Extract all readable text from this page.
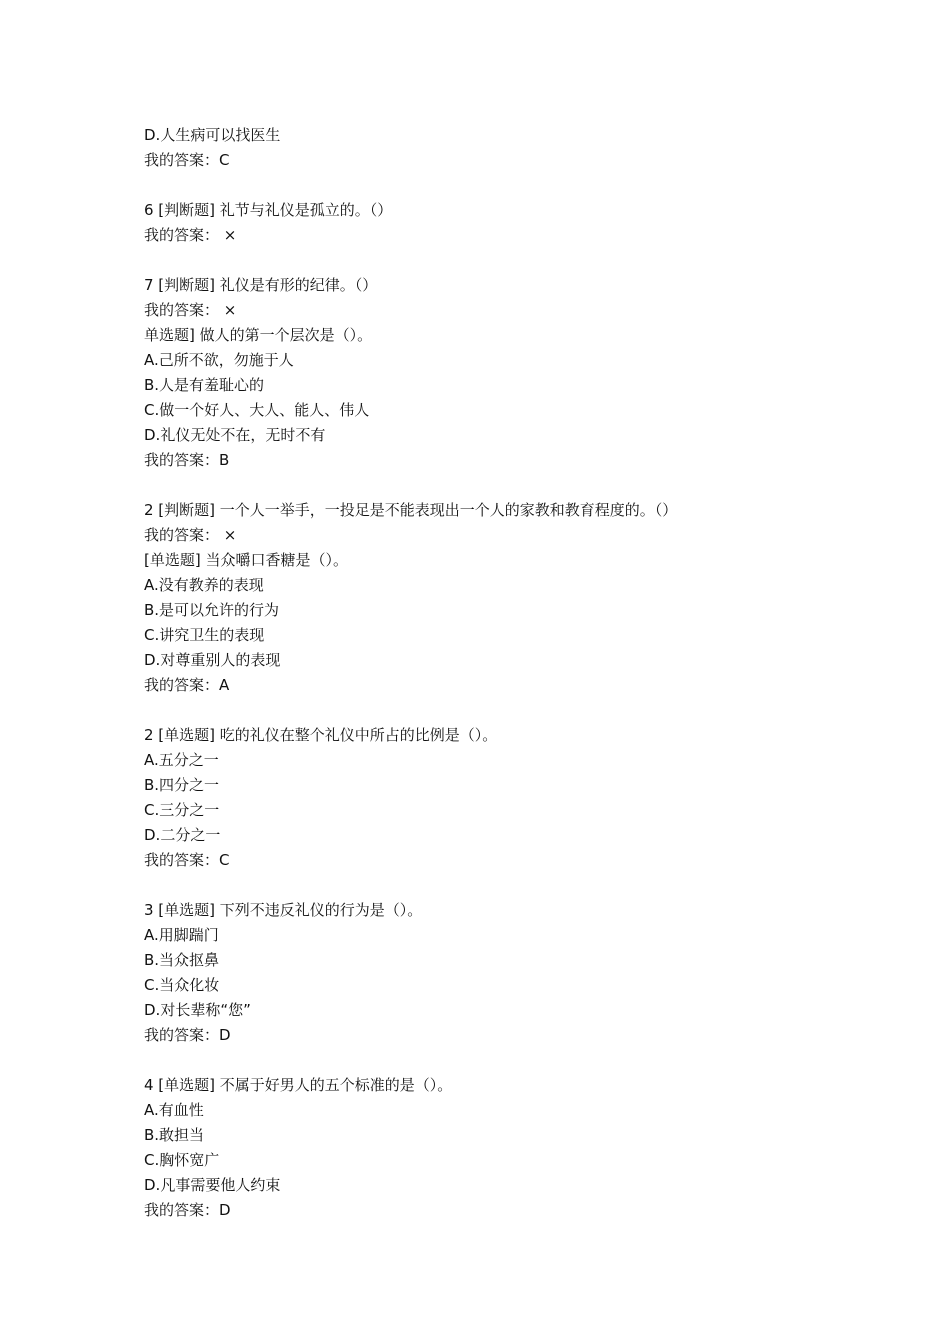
D.人生病可以找医生
我的答案：C
6 [判断题] 礼节与礼仪是孤立的。（）
我的答案： ×
7 [判断题] 礼仪是有形的纪律。（）
我的答案： ×
单选题] 做人的第一个层次是（）。
A.己所不欲，勿施于人
B.人是有羞耻心的
C.做一个好人、大人、能人、伟人
D.礼仪无处不在，无时不有
我的答案：B
2 [判断题] 一个人一举手，一投足是不能表现出一个人的家教和教育程度的。（）
我的答案： ×
[单选题] 当众嚼口香糖是（）。
A.没有教养的表现
B.是可以允许的行为
C.讲究卫生的表现
D.对尊重别人的表现
我的答案：A
2 [单选题] 吃的礼仪在整个礼仪中所占的比例是（）。
A.五分之一
B.四分之一
C.三分之一
D.二分之一
我的答案：C
3 [单选题] 下列不违反礼仪的行为是（）。
A.用脚踹门
B.当众抠鼻
C.当众化妆
D.对长辈称“您”
我的答案：D
4 [单选题] 不属于好男人的五个标准的是（）。
A.有血性
B.敢担当
C.胸怀宽广
D.凡事需要他人约束
我的答案：D
